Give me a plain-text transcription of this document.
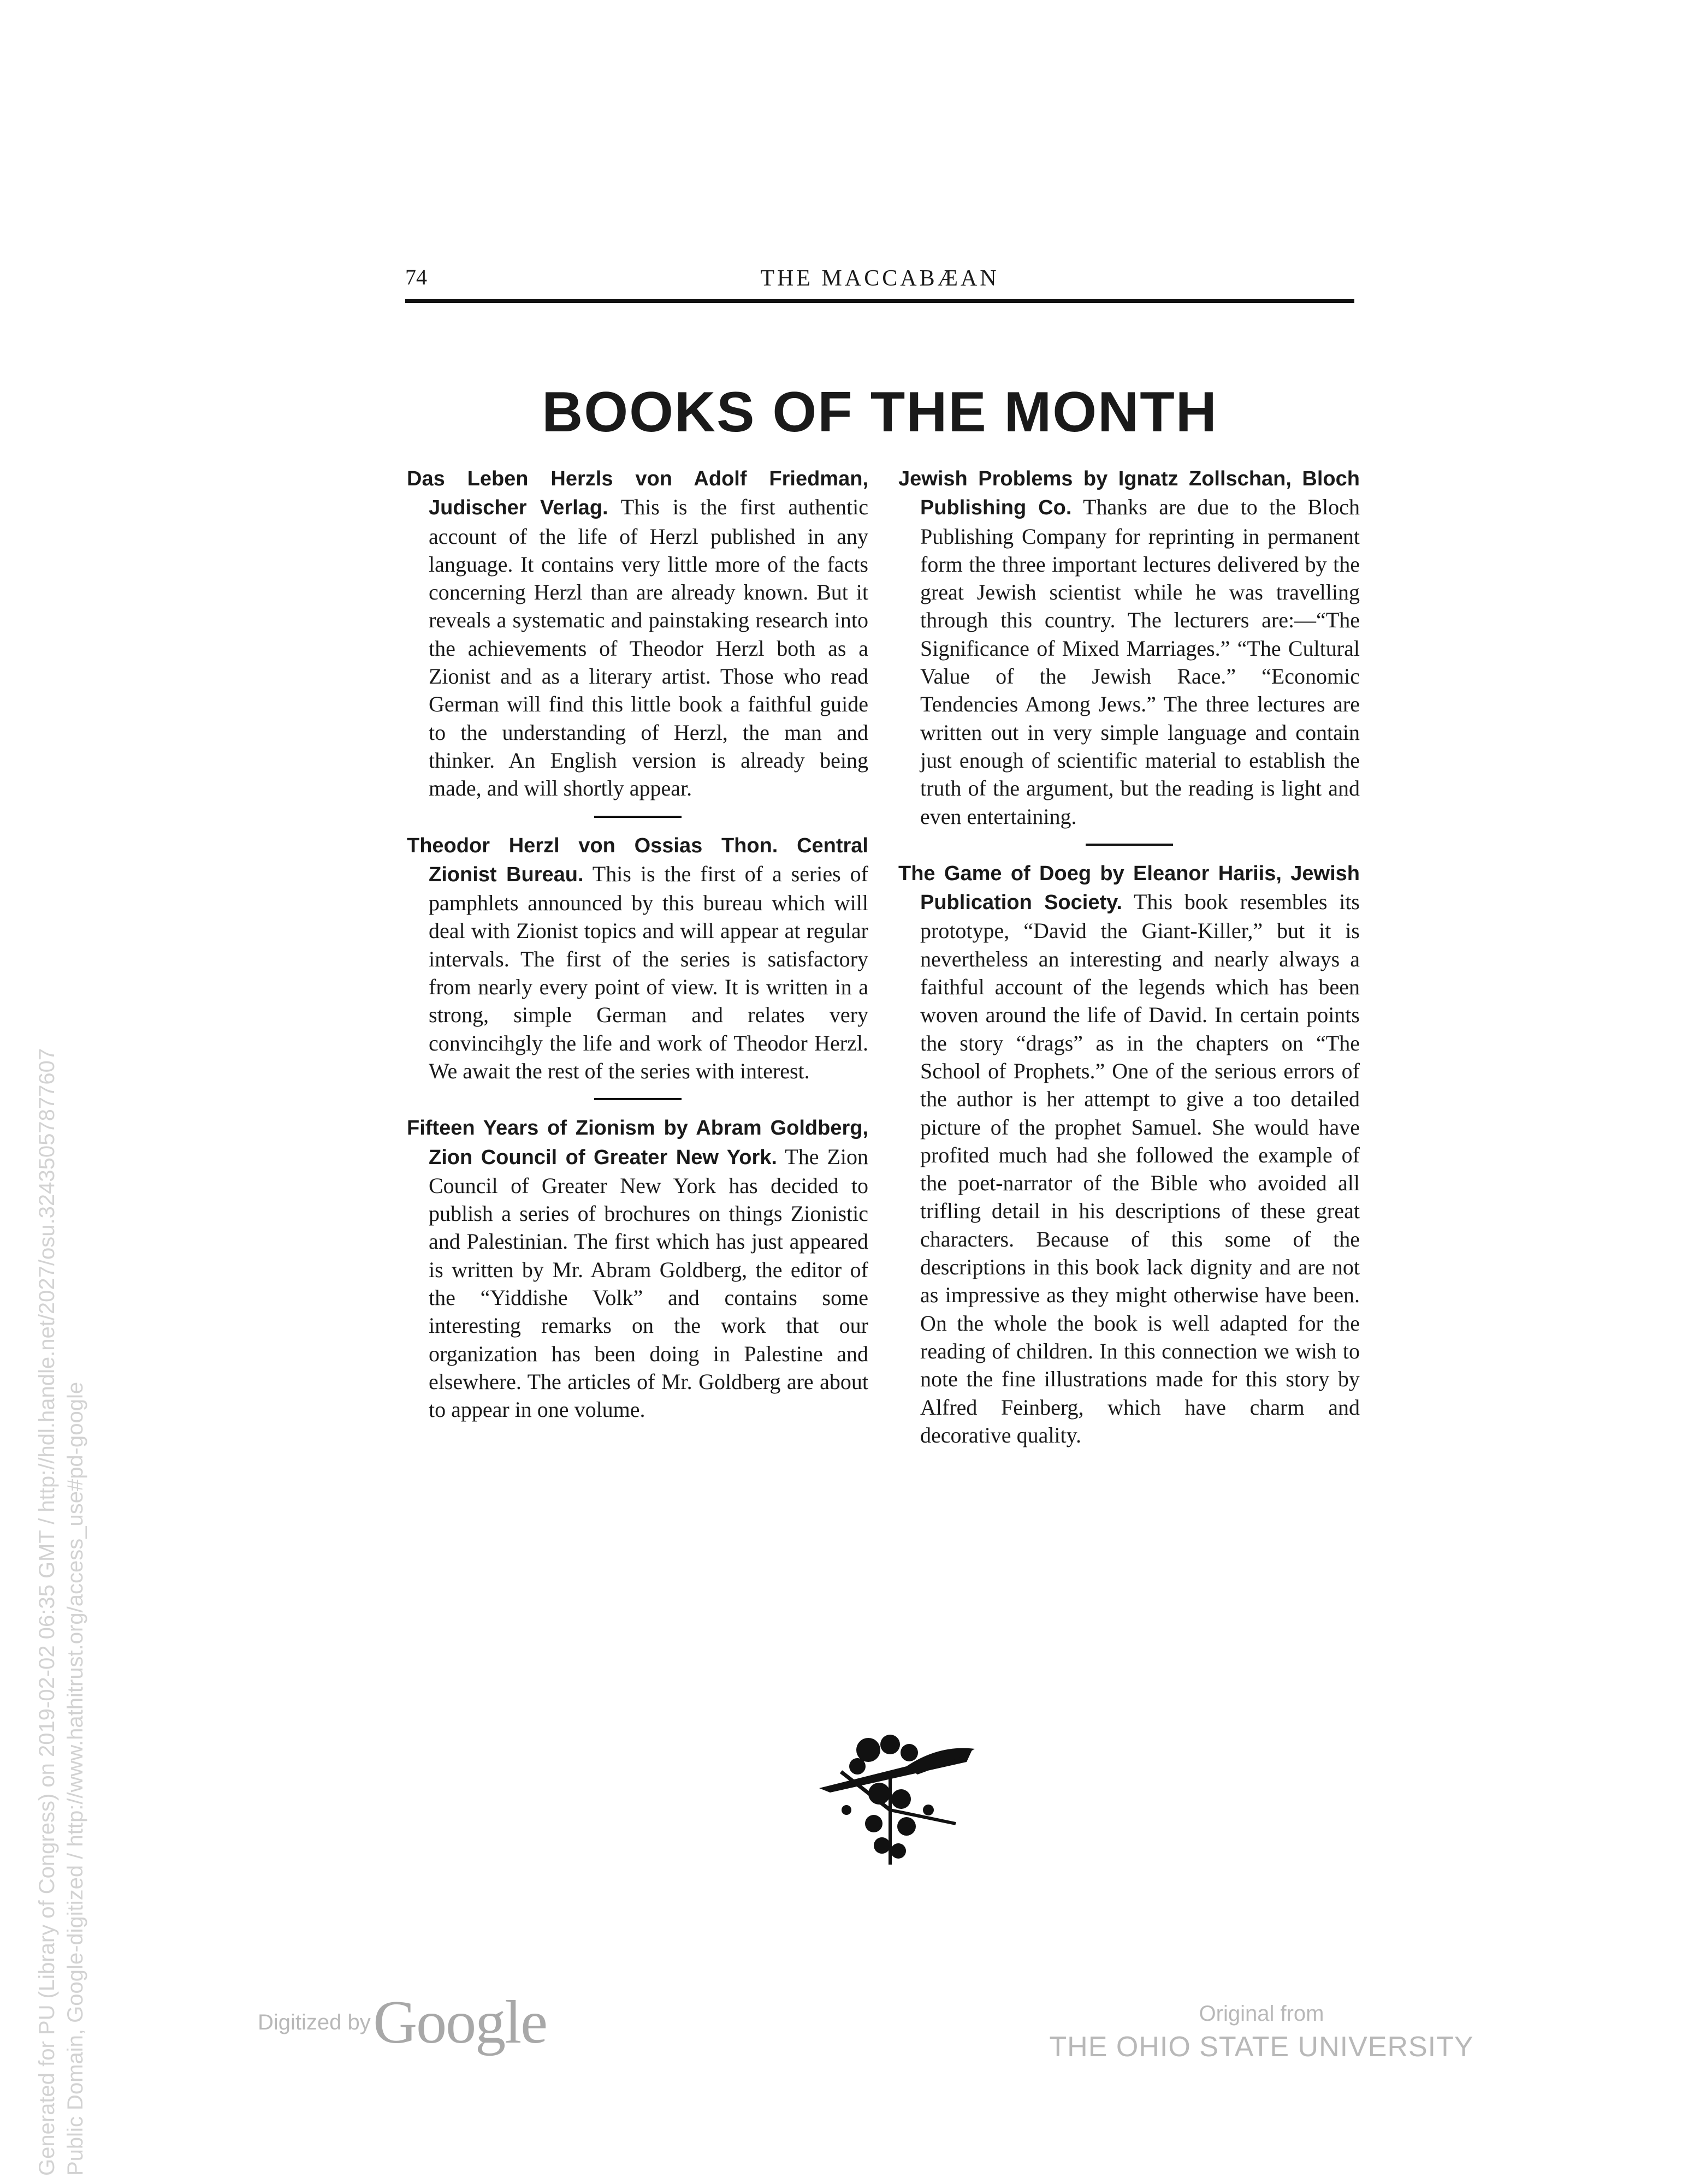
74	THE MACCABÆAN
BOOKS OF THE MONTH

Das Leben Herzls von Adolf Friedman, Judischer Verlag. This is the first authentic account of the life of Herzl published in any language. It contains very little more of the facts concerning Herzl than are already known. But it reveals a systematic and painstaking research into the achievements of Theodor Herzl both as a Zionist and as a literary artist. Those who read German will find this little book a faithful guide to the understanding of Herzl, the man and thinker. An English version is already being made, and will shortly appear.

Theodor Herzl von Ossias Thon. Central Zionist Bureau. This is the first of a series of pamphlets announced by this bureau which will deal with Zionist topics and will appear at regular intervals. The first of the series is satisfactory from nearly every point of view. It is written in a strong, simple German and relates very convincihgly the life and work of Theodor Herzl. We await the rest of the series with interest.

Fifteen Years of Zionism by Abram Goldberg, Zion Council of Greater New York. The Zion Council of Greater New York has decided to publish a series of brochures on things Zionistic and Palestinian. The first which has just appeared is written by Mr. Abram Goldberg, the editor of the “Yiddishe Volk” and contains some interesting remarks on the work that our organization has been doing in Palestine and elsewhere. The articles of Mr. Goldberg are about to appear in one volume.

Jewish Problems by Ignatz Zollschan, Bloch Publishing Co. Thanks are due to the Bloch Publishing Company for reprinting in permanent form the three important lectures delivered by the great Jewish scientist while he was travelling through this country. The lecturers are:—“The Significance of Mixed Marriages.” “The Cultural Value of the Jewish Race.” “Economic Tendencies Among Jews.” The three lectures are written out in very simple language and contain just enough of scientific material to establish the truth of the argument, but the reading is light and even entertaining.

The Game of Doeg by Eleanor Hariis, Jewish Publication Society. This book resembles its prototype, “David the Giant-Killer,” but it is nevertheless an interesting and nearly always a faithful account of the legends which has been woven around the life of David. In certain points the story “drags” as in the chapters on “The School of Prophets.” One of the serious errors of the author is her attempt to give a too detailed picture of the prophet Samuel. She would have profited much had she followed the example of the poet-narrator of the Bible who avoided all trifling detail in his descriptions of these great characters. Because of this some of the descriptions in this book lack dignity and are not as impressive as they might otherwise have been. On the whole the book is well adapted for the reading of children. In this connection we wish to note the fine illustrations made for this story by Alfred Feinberg, which have charm and decorative quality.

Generated for PU (Library of Congress) on 2019-02-02 06:35 GMT / http://hdl.handle.net/2027/osu.32435057877607 Public Domain, Google-digitized / http://www.hathitrust.org/access_use#pd-google	Digitized by Google	Original from
THE OHIO STATE UNIVERSITY
